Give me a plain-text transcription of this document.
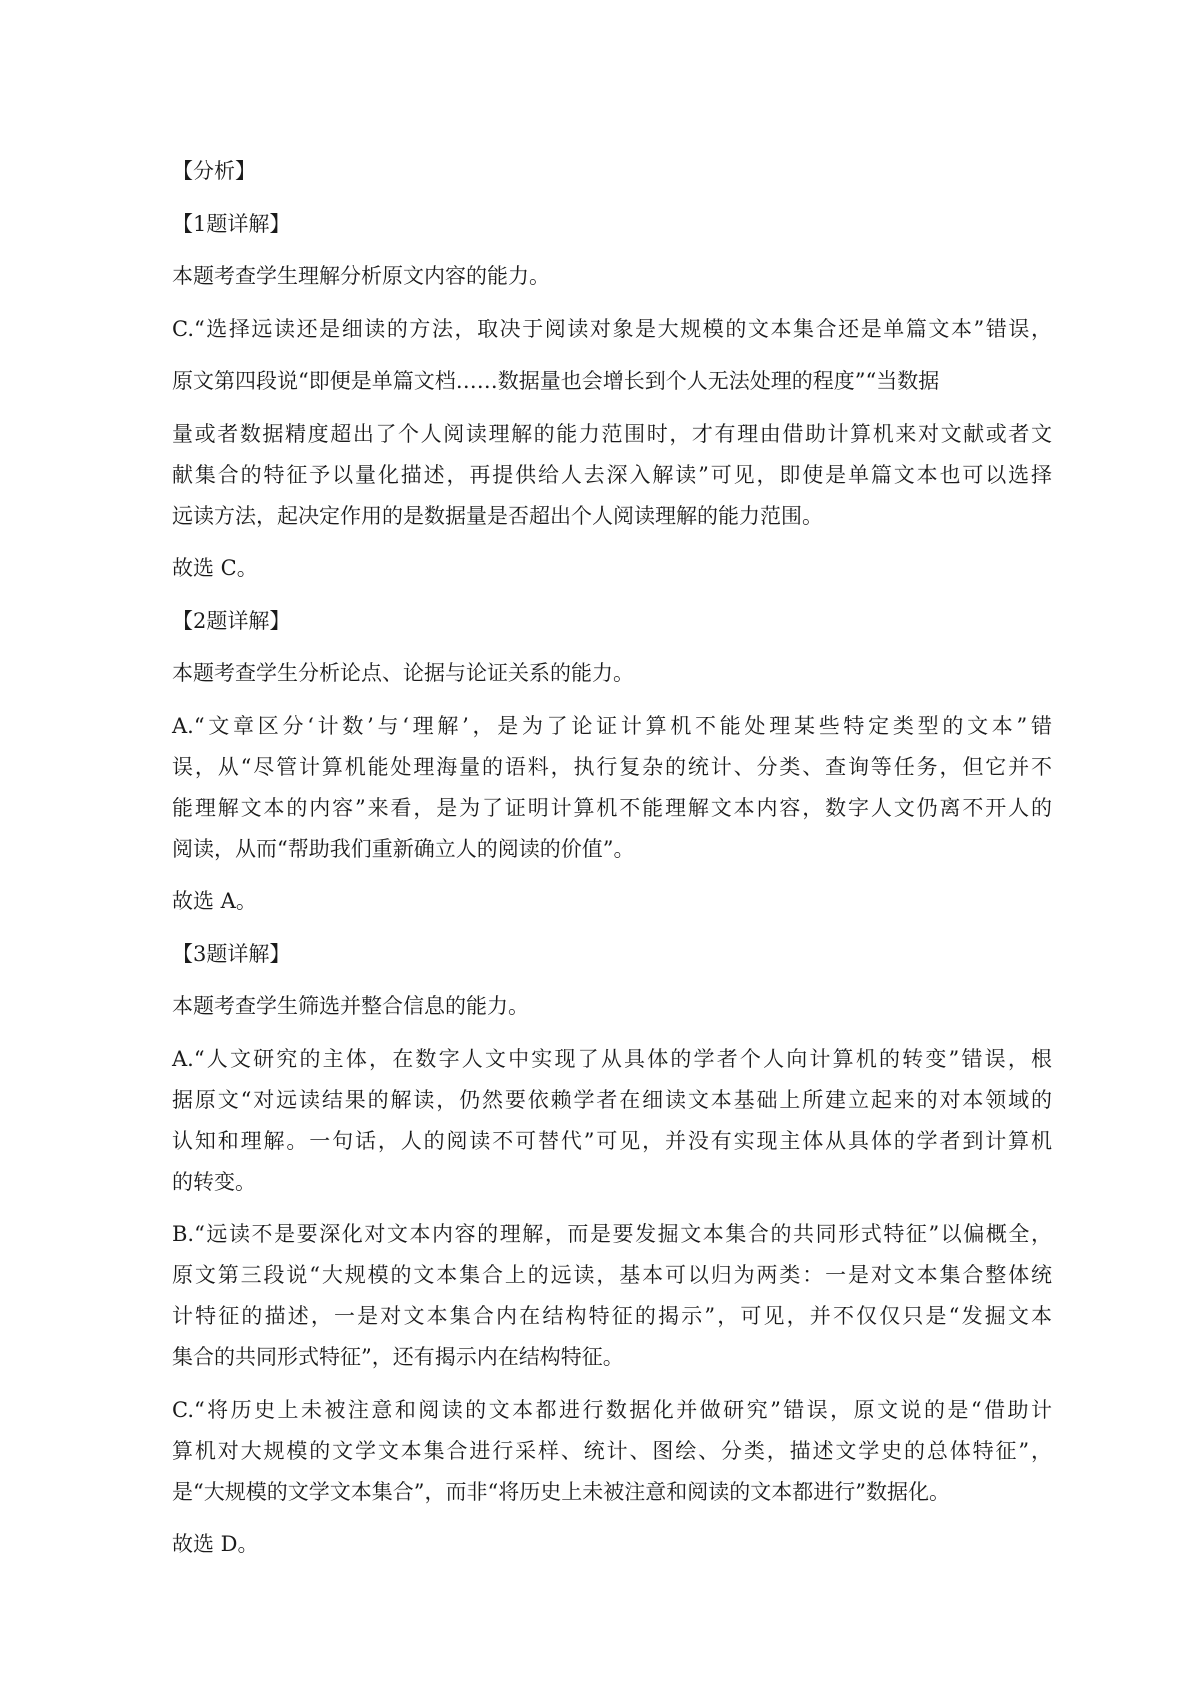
【分析】
【1题详解】
本题考查学生理解分析原文内容的能力。
C.“选择远读还是细读的方法，取决于阅读对象是大规模的文本集合还是单篇文本”错误，
原文第四段说“即便是单篇文档……数据量也会增长到个人无法处理的程度”“当数据
量或者数据精度超出了个人阅读理解的能力范围时，才有理由借助计算机来对文献或者文
献集合的特征予以量化描述，再提供给人去深入解读”可见，即使是单篇文本也可以选择
远读方法，起决定作用的是数据量是否超出个人阅读理解的能力范围。
故选 C。
【2题详解】
本题考查学生分析论点、论据与论证关系的能力。
A.“文章区分‘计数’与‘理解’，是为了论证计算机不能处理某些特定类型的文本”错
误，从“尽管计算机能处理海量的语料，执行复杂的统计、分类、查询等任务，但它并不
能理解文本的内容”来看，是为了证明计算机不能理解文本内容，数字人文仍离不开人的
阅读，从而“帮助我们重新确立人的阅读的价值”。
故选 A。
【3题详解】
本题考查学生筛选并整合信息的能力。
A.“人文研究的主体，在数字人文中实现了从具体的学者个人向计算机的转变”错误，根
据原文“对远读结果的解读，仍然要依赖学者在细读文本基础上所建立起来的对本领域的
认知和理解。一句话，人的阅读不可替代”可见，并没有实现主体从具体的学者到计算机
的转变。
B.“远读不是要深化对文本内容的理解，而是要发掘文本集合的共同形式特征”以偏概全，
原文第三段说“大规模的文本集合上的远读，基本可以归为两类：一是对文本集合整体统
计特征的描述，一是对文本集合内在结构特征的揭示”，可见，并不仅仅只是“发掘文本
集合的共同形式特征”，还有揭示内在结构特征。
C.“将历史上未被注意和阅读的文本都进行数据化并做研究”错误，原文说的是“借助计
算机对大规模的文学文本集合进行采样、统计、图绘、分类，描述文学史的总体特征”，
是“大规模的文学文本集合”，而非“将历史上未被注意和阅读的文本都进行”数据化。
故选 D。
